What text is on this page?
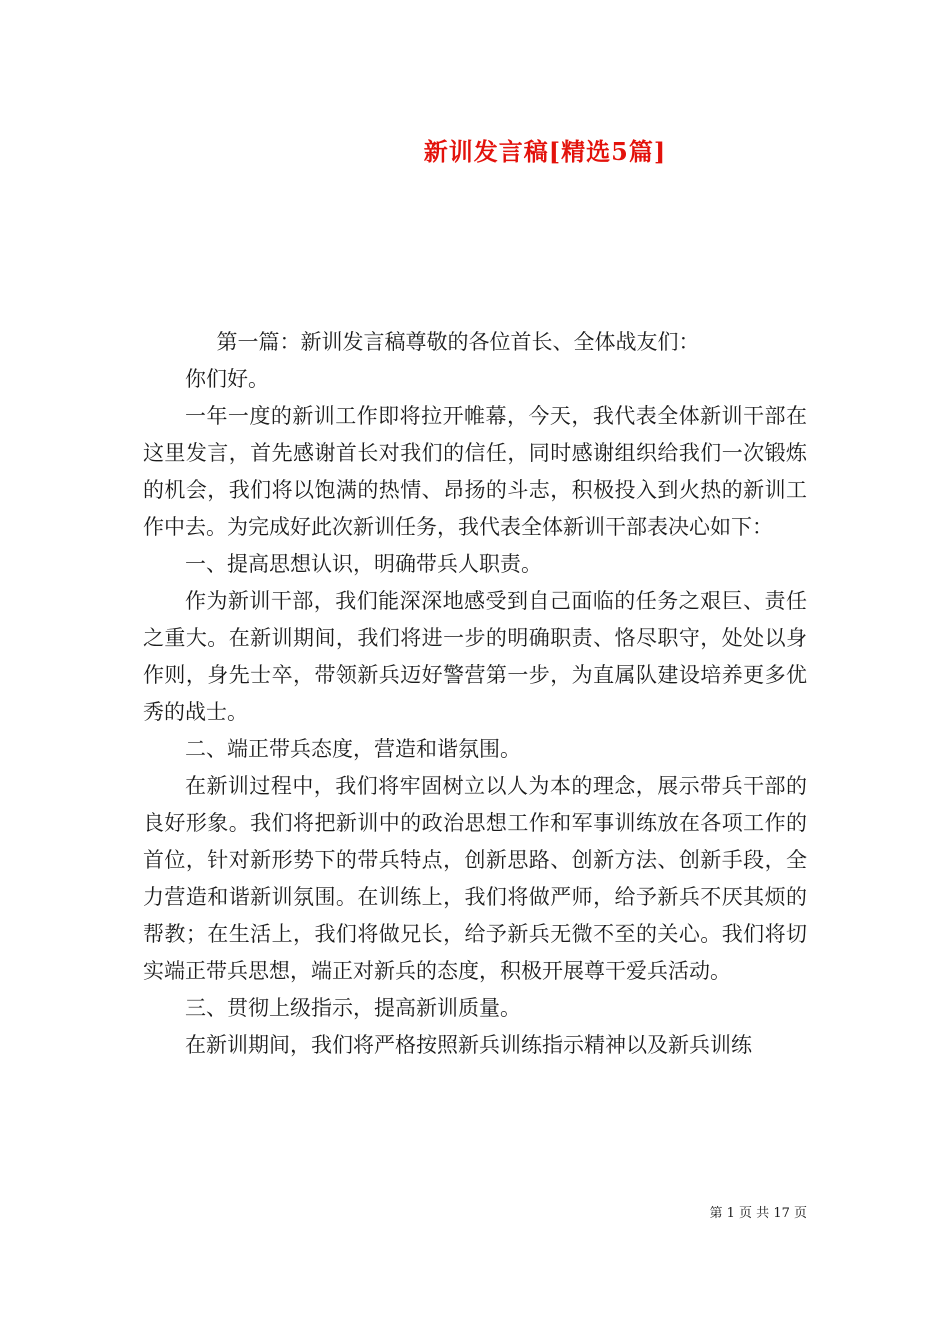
新训发言稿[精选5篇]

第一篇：新训发言稿尊敬的各位首长、全体战友们：

你们好。

一年一度的新训工作即将拉开帷幕，今天，我代表全体新训干部在这里发言，首先感谢首长对我们的信任，同时感谢组织给我们一次锻炼的机会，我们将以饱满的热情、昂扬的斗志，积极投入到火热的新训工作中去。为完成好此次新训任务，我代表全体新训干部表决心如下：

一、提高思想认识，明确带兵人职责。

作为新训干部，我们能深深地感受到自己面临的任务之艰巨、责任之重大。在新训期间，我们将进一步的明确职责、恪尽职守，处处以身作则，身先士卒，带领新兵迈好警营第一步，为直属队建设培养更多优秀的战士。

二、端正带兵态度，营造和谐氛围。

在新训过程中，我们将牢固树立以人为本的理念，展示带兵干部的良好形象。我们将把新训中的政治思想工作和军事训练放在各项工作的首位，针对新形势下的带兵特点，创新思路、创新方法、创新手段，全力营造和谐新训氛围。在训练上，我们将做严师，给予新兵不厌其烦的帮教；在生活上，我们将做兄长，给予新兵无微不至的关心。我们将切实端正带兵思想，端正对新兵的态度，积极开展尊干爱兵活动。

三、贯彻上级指示，提高新训质量。

在新训期间，我们将严格按照新兵训练指示精神以及新兵训练

第 1 页 共 17 页
